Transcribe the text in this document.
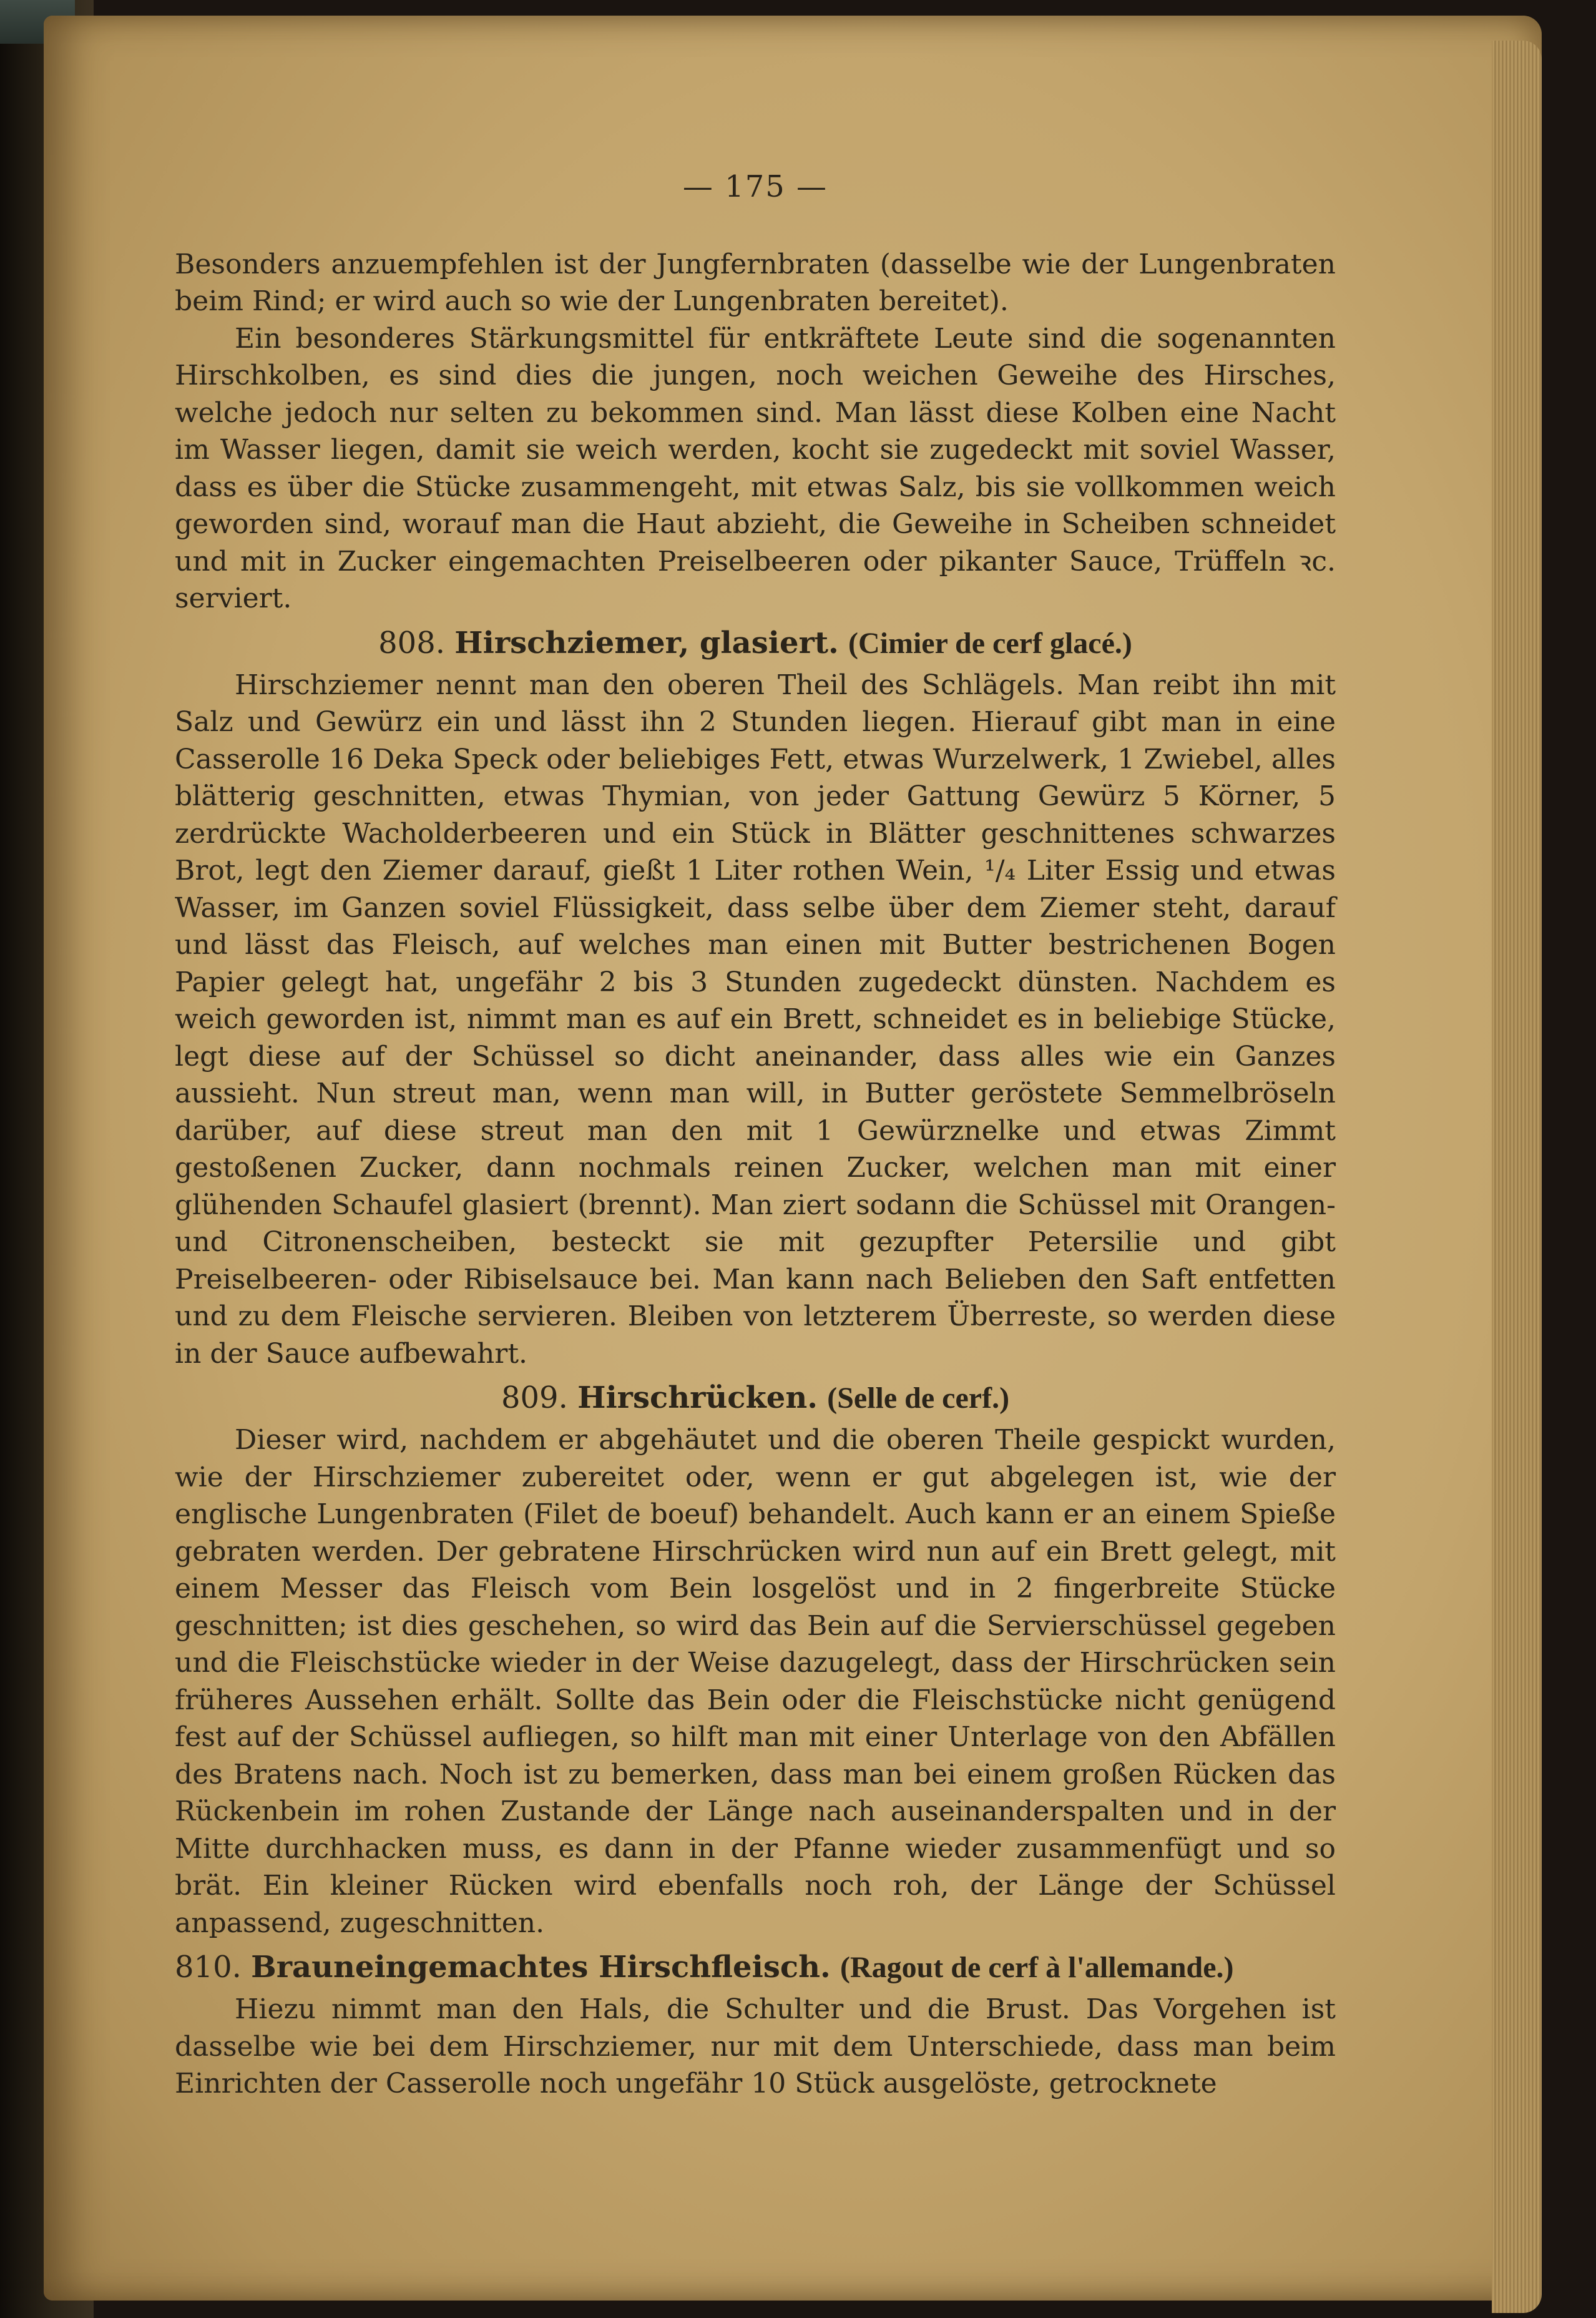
— 175 —

Besonders anzuempfehlen ist der Jungfernbraten (dasselbe wie der Lungenbraten beim Rind; er wird auch so wie der Lungenbraten bereitet).

Ein besonderes Stärkungsmittel für entkräftete Leute sind die sogenannten Hirschkolben, es sind dies die jungen, noch weichen Geweihe des Hirsches, welche jedoch nur selten zu bekommen sind. Man lässt diese Kolben eine Nacht im Wasser liegen, damit sie weich werden, kocht sie zugedeckt mit soviel Wasser, dass es über die Stücke zusammengeht, mit etwas Salz, bis sie vollkommen weich geworden sind, worauf man die Haut abzieht, die Geweihe in Scheiben schneidet und mit in Zucker eingemachten Preiselbeeren oder pikanter Sauce, Trüffeln ꝛc. serviert.

808. Hirschziemer, glasiert. (Cimier de cerf glacé.)

Hirschziemer nennt man den oberen Theil des Schlägels. Man reibt ihn mit Salz und Gewürz ein und lässt ihn 2 Stunden liegen. Hierauf gibt man in eine Casserolle 16 Deka Speck oder beliebiges Fett, etwas Wurzelwerk, 1 Zwiebel, alles blätterig geschnitten, etwas Thymian, von jeder Gattung Gewürz 5 Körner, 5 zerdrückte Wacholderbeeren und ein Stück in Blätter geschnittenes schwarzes Brot, legt den Ziemer darauf, gießt 1 Liter rothen Wein, ¹/₄ Liter Essig und etwas Wasser, im Ganzen soviel Flüssigkeit, dass selbe über dem Ziemer steht, darauf und lässt das Fleisch, auf welches man einen mit Butter bestrichenen Bogen Papier gelegt hat, ungefähr 2 bis 3 Stunden zugedeckt dünsten. Nachdem es weich geworden ist, nimmt man es auf ein Brett, schneidet es in beliebige Stücke, legt diese auf der Schüssel so dicht aneinander, dass alles wie ein Ganzes aussieht. Nun streut man, wenn man will, in Butter geröstete Semmelbröseln darüber, auf diese streut man den mit 1 Gewürznelke und etwas Zimmt gestoßenen Zucker, dann nochmals reinen Zucker, welchen man mit einer glühenden Schaufel glasiert (brennt). Man ziert sodann die Schüssel mit Orangen- und Citronenscheiben, besteckt sie mit gezupfter Petersilie und gibt Preiselbeeren- oder Ribiselsauce bei. Man kann nach Belieben den Saft entfetten und zu dem Fleische servieren. Bleiben von letzterem Überreste, so werden diese in der Sauce aufbewahrt.

809. Hirschrücken. (Selle de cerf.)

Dieser wird, nachdem er abgehäutet und die oberen Theile gespickt wurden, wie der Hirschziemer zubereitet oder, wenn er gut abgelegen ist, wie der englische Lungenbraten (Filet de boeuf) behandelt. Auch kann er an einem Spieße gebraten werden. Der gebratene Hirschrücken wird nun auf ein Brett gelegt, mit einem Messer das Fleisch vom Bein losgelöst und in 2 fingerbreite Stücke geschnitten; ist dies geschehen, so wird das Bein auf die Servierschüssel gegeben und die Fleischstücke wieder in der Weise dazugelegt, dass der Hirschrücken sein früheres Aussehen erhält. Sollte das Bein oder die Fleischstücke nicht genügend fest auf der Schüssel aufliegen, so hilft man mit einer Unterlage von den Abfällen des Bratens nach. Noch ist zu bemerken, dass man bei einem großen Rücken das Rückenbein im rohen Zustande der Länge nach auseinanderspalten und in der Mitte durchhacken muss, es dann in der Pfanne wieder zusammenfügt und so brät. Ein kleiner Rücken wird ebenfalls noch roh, der Länge der Schüssel anpassend, zugeschnitten.

810. Brauneingemachtes Hirschfleisch. (Ragout de cerf à l'allemande.)

Hiezu nimmt man den Hals, die Schulter und die Brust. Das Vorgehen ist dasselbe wie bei dem Hirschziemer, nur mit dem Unterschiede, dass man beim Einrichten der Casserolle noch ungefähr 10 Stück ausgelöste, getrocknete
